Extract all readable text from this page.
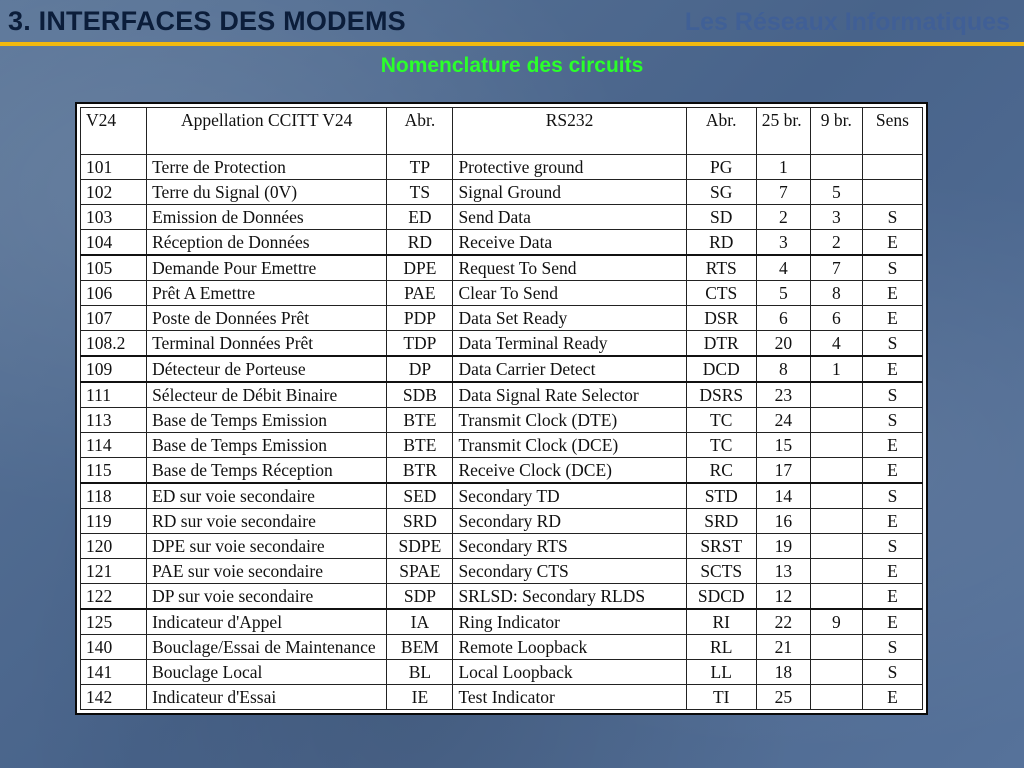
3. INTERFACES DES MODEMS	Les Réseaux Informatiques
Nomenclature des circuits
V24	Appellation CCITT V24	Abr.	RS232	Abr.	25 br.	9 br.	Sens
101	Terre de Protection	TP	Protective ground	PG	1		
102	Terre du Signal (0V)	TS	Signal Ground	SG	7	5	
103	Emission de Données	ED	Send Data	SD	2	3	S
104	Réception de Données	RD	Receive Data	RD	3	2	E
105	Demande Pour Emettre	DPE	Request To Send	RTS	4	7	S
106	Prêt A Emettre	PAE	Clear To Send	CTS	5	8	E
107	Poste de Données Prêt	PDP	Data Set Ready	DSR	6	6	E
108.2	Terminal Données Prêt	TDP	Data Terminal Ready	DTR	20	4	S
109	Détecteur de Porteuse	DP	Data Carrier Detect	DCD	8	1	E
111	Sélecteur de Débit Binaire	SDB	Data Signal Rate Selector	DSRS	23		S
113	Base de Temps Emission	BTE	Transmit Clock (DTE)	TC	24		S
114	Base de Temps Emission	BTE	Transmit Clock (DCE)	TC	15		E
115	Base de Temps Réception	BTR	Receive Clock (DCE)	RC	17		E
118	ED sur voie secondaire	SED	Secondary TD	STD	14		S
119	RD sur voie secondaire	SRD	Secondary RD	SRD	16		E
120	DPE sur voie secondaire	SDPE	Secondary RTS	SRST	19		S
121	PAE sur voie secondaire	SPAE	Secondary CTS	SCTS	13		E
122	DP sur voie secondaire	SDP	SRLSD: Secondary RLDS	SDCD	12		E
125	Indicateur d'Appel	IA	Ring Indicator	RI	22	9	E
140	Bouclage/Essai de Maintenance	BEM	Remote Loopback	RL	21		S
141	Bouclage Local	BL	Local Loopback	LL	18		S
142	Indicateur d'Essai	IE	Test Indicator	TI	25		E
